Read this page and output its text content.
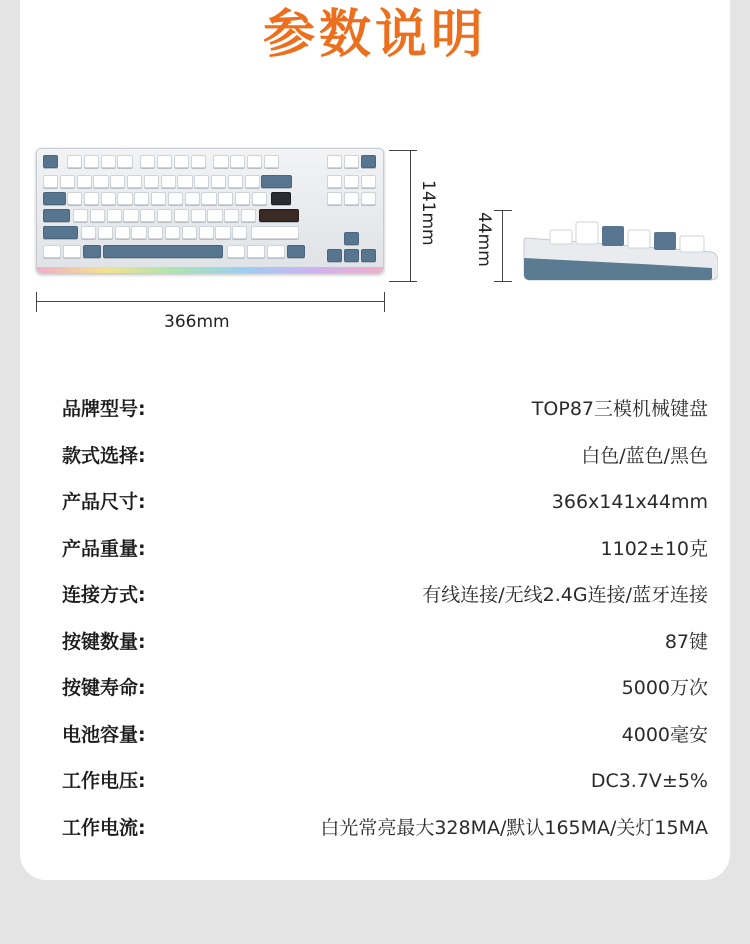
参数说明
366mm
141mm 44mm
品牌型号:	TOP87三模机械键盘
款式选择:	白色/蓝色/黑色
产品尺寸:	366x141x44mm
产品重量:	1102±10克
连接方式:	有线连接/无线2.4G连接/蓝牙连接
按键数量:	87键
按键寿命:	5000万次
电池容量:	4000毫安
工作电压:	DC3.7V±5%
工作电流:	白光常亮最大328MA/默认165MA/关灯15MA
